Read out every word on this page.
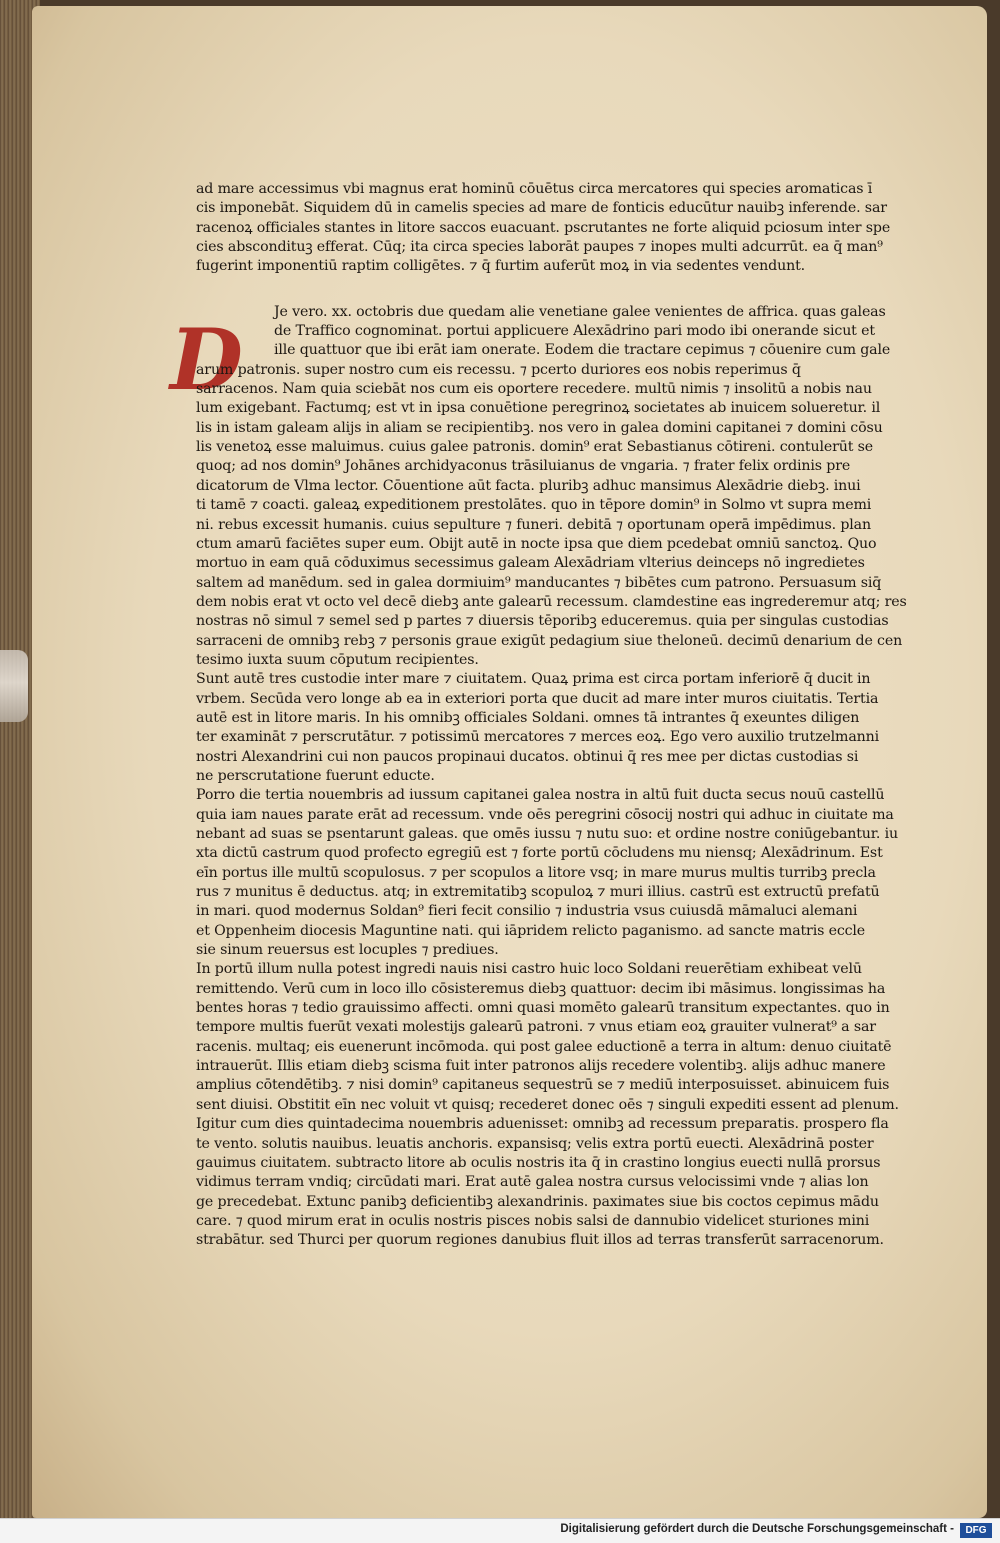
D
ad mare accessimus vbi magnus erat hominū cōuētus circa mercatores qui species aromaticas ī
cis imponebāt. Siquidem dū in camelis species ad mare de fonticis educūtur nauibꝫ inferende. sar
racenoꝝ officiales stantes in litore saccos euacuant. pscrutantes ne forte aliquid pciosum inter spe
cies abscondituꝫ efferat. Cūq; ita circa species laborāt paupes ⁊ inopes multi adcurrūt. ea q̄ man⁹
fugerint imponentiū raptim colligētes. ⁊ q̄ furtim auferūt moꝝ in via sedentes vendunt.
Je vero. xx. octobris due quedam alie venetiane galee venientes de affrica. quas galeas
de Traffico cognominat. portui applicuere Alexādrino pari modo ibi onerande sicut et
ille quattuor que ibi erāt iam onerate. Eodem die tractare cepimus ⁊ cōuenire cum gale
arum patronis. super nostro cum eis recessu. ⁊ pcerto duriores eos nobis reperimus q̄
sarracenos. Nam quia sciebāt nos cum eis oportere recedere. multū nimis ⁊ insolitū a nobis nau
lum exigebant. Factumq; est vt in ipsa conuētione peregrinoꝝ societates ab inuicem solueretur. il
lis in istam galeam alijs in aliam se recipientibꝫ. nos vero in galea domini capitanei ⁊ domini cōsu
lis venetoꝝ esse maluimus. cuius galee patronis. domin⁹ erat Sebastianus cōtireni. contulerūt se
quoq; ad nos domin⁹ Johānes archidyaconus trāsiluianus de vngaria. ⁊ frater felix ordinis pre
dicatorum de Vlma lector. Cōuentione aūt facta. pluribꝫ adhuc mansimus Alexādrie diebꝫ. inui
ti tamē ⁊ coacti. galeaꝝ expeditionem prestolātes. quo in tēpore domin⁹ in Solmo vt supra memi
ni. rebus excessit humanis. cuius sepulture ⁊ funeri. debitā ⁊ oportunam operā impēdimus. plan
ctum amarū faciētes super eum. Obijt autē in nocte ipsa que diem pcedebat omniū sanctoꝝ. Quo
mortuo in eam quā cōduximus secessimus galeam Alexādriam vlterius deinceps nō ingredietes
saltem ad manēdum. sed in galea dormiuim⁹ manducantes ⁊ bibētes cum patrono. Persuasum siq̄
dem nobis erat vt octo vel decē diebꝫ ante galearū recessum. clamdestine eas ingrederemur atq; res
nostras nō simul ⁊ semel sed p partes ⁊ diuersis tēporibꝫ educeremus. quia per singulas custodias
sarraceni de omnibꝫ rebꝫ ⁊ personis graue exigūt pedagium siue theloneū. decimū denarium de cen
tesimo iuxta suum cōputum recipientes.
Sunt autē tres custodie inter mare ⁊ ciuitatem. Quaꝝ prima est circa portam inferiorē q̄ ducit in
vrbem. Secūda vero longe ab ea in exteriori porta que ducit ad mare inter muros ciuitatis. Tertia
autē est in litore maris. In his omnibꝫ officiales Soldani. omnes tā intrantes q̄ exeuntes diligen
ter examināt ⁊ perscrutātur. ⁊ potissimū mercatores ⁊ merces eoꝝ. Ego vero auxilio trutzelmanni
nostri Alexandrini cui non paucos propinaui ducatos. obtinui q̄ res mee per dictas custodias si
ne perscrutatione fuerunt educte.
Porro die tertia nouembris ad iussum capitanei galea nostra in altū fuit ducta secus nouū castellū
quia iam naues parate erāt ad recessum. vnde oēs peregrini cōsocij nostri qui adhuc in ciuitate ma
nebant ad suas se psentarunt galeas. que omēs iussu ⁊ nutu suo: et ordine nostre coniūgebantur. iu
xta dictū castrum quod profecto egregiū est ⁊ forte portū cōcludens mu niensq; Alexādrinum. Est
eīn portus ille multū scopulosus. ⁊ per scopulos a litore vsq; in mare murus multis turribꝫ precla
rus ⁊ munitus ē deductus. atq; in extremitatibꝫ scopuloꝝ ⁊ muri illius. castrū est extructū prefatū
in mari. quod modernus Soldan⁹ fieri fecit consilio ⁊ industria vsus cuiusdā māmaluci alemani
et Oppenheim diocesis Maguntine nati. qui iāpridem relicto paganismo. ad sancte matris eccle
sie sinum reuersus est locuples ⁊ prediues.
In portū illum nulla potest ingredi nauis nisi castro huic loco Soldani reuerētiam exhibeat velū
remittendo. Verū cum in loco illo cōsisteremus diebꝫ quattuor: decim ibi māsimus. longissimas ha
bentes horas ⁊ tedio grauissimo affecti. omni quasi momēto galearū transitum expectantes. quo in
tempore multis fuerūt vexati molestijs galearū patroni. ⁊ vnus etiam eoꝝ grauiter vulnerat⁹ a sar
racenis. multaq; eis euenerunt incōmoda. qui post galee eductionē a terra in altum: denuo ciuitatē
intrauerūt. Illis etiam diebꝫ scisma fuit inter patronos alijs recedere volentibꝫ. alijs adhuc manere
amplius cōtendētibꝫ. ⁊ nisi domin⁹ capitaneus sequestrū se ⁊ mediū interposuisset. abinuicem fuis
sent diuisi. Obstitit eīn nec voluit vt quisq; recederet donec oēs ⁊ singuli expediti essent ad plenum.
Igitur cum dies quintadecima nouembris aduenisset: omnibꝫ ad recessum preparatis. prospero fla
te vento. solutis nauibus. leuatis anchoris. expansisq; velis extra portū euecti. Alexādrinā poster
gauimus ciuitatem. subtracto litore ab oculis nostris ita q̄ in crastino longius euecti nullā prorsus
vidimus terram vndiq; circūdati mari. Erat autē galea nostra cursus velocissimi vnde ⁊ alias lon
ge precedebat. Extunc panibꝫ deficientibꝫ alexandrinis. paximates siue bis coctos cepimus mādu
care. ⁊ quod mirum erat in oculis nostris pisces nobis salsi de dannubio videlicet sturiones mini
strabātur. sed Thurci per quorum regiones danubius fluit illos ad terras transferūt sarracenorum.
Digitalisierung gefördert durch die Deutsche Forschungsgemeinschaft -	DFG
